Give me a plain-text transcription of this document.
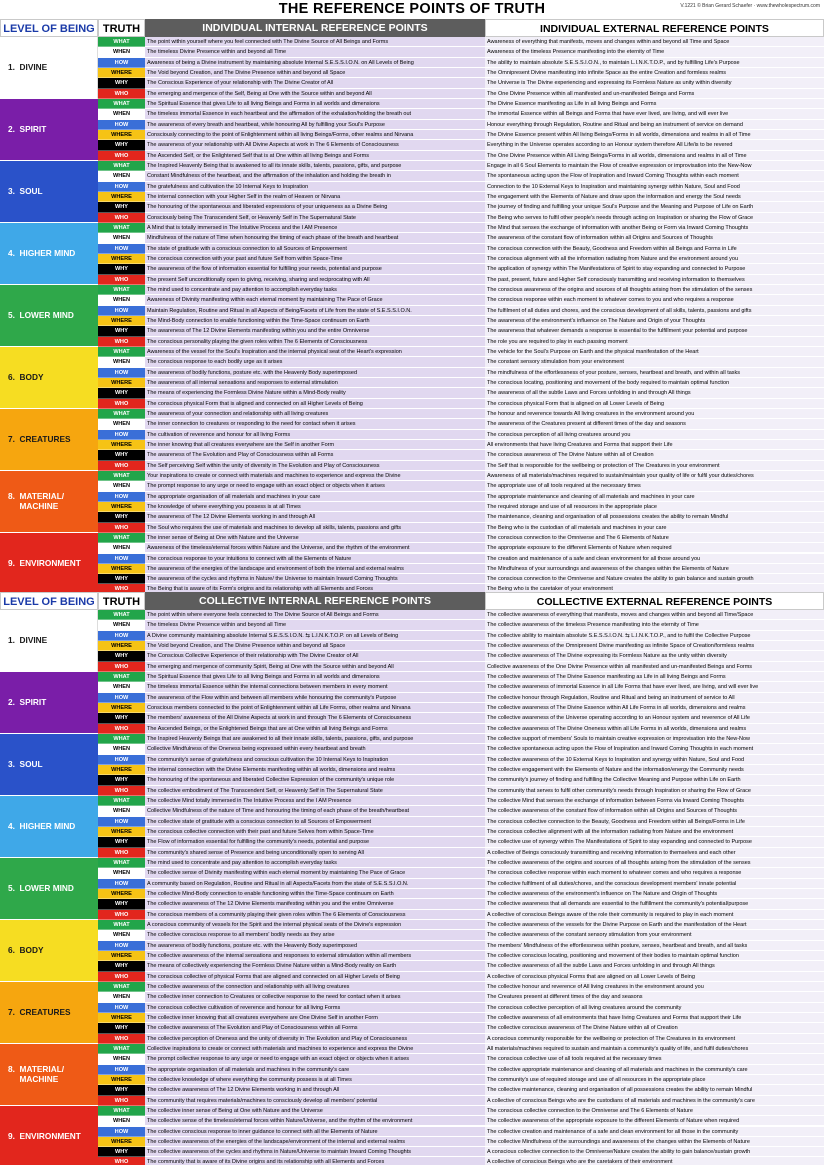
THE REFERENCE POINTS OF TRUTH	V.1221 © Brian Gerard Schaefer · www.thewholespectrum.com
LEVEL OF BEING TRUTH	INDIVIDUAL INTERNAL REFERENCE POINTS	INDIVIDUAL EXTERNAL REFERENCE POINTS
1.  DIVINE
WHAT	The point within yourself where you feel connected with The Divine Source of All Beings and Forms	Awareness of everything that manifests, moves and changes within and beyond all Time and Space
WHEN	The timeless Divine Presence within and beyond all Time	Awareness of the timeless Presence manifesting into the eternity of Time
HOW	Awareness of being a Divine instrument by maintaining absolute Internal S.E.S.S.I.O.N. on All Levels of Being	The ability to maintain absolute S.E.S.S.I.O.N., to maintain L.I.N.K.T.O.P., and by fulfilling Life's Purpose
WHERE	The Void beyond Creation, and The Divine Presence within and beyond all Space	The Omnipresent Divine manifesting into infinite Space as the entire Creation and formless realms
WHY	The Conscious Experience of your relationship with The Divine Creator of All	The Universe is The Divine experiencing and expressing its Formless Nature as unity within diversity
WHO	The emerging and mergence of the Self, Being at One with the Source within and beyond All	The One Divine Presence within all manifested and un-manifested Beings and Forms
2.  SPIRIT
WHAT	The Spiritual Essence that gives Life to all living Beings and Forms in all worlds and dimensions	The Divine Essence manifesting as Life in all living Beings and Forms
WHEN	The timeless immortal Essence in each heartbeat and the affirmation of the exhalation/holding the breath out	The immortal Essence within all Beings and Forms that have ever lived, are living, and will ever live
HOW	The awareness of every breath and heartbeat, while honouring All by fulfilling your Soul's Purpose	Honour everything through Regulation, Routine and Ritual and being an instrument of service on demand
WHERE	Consciously connecting to the point of Enlightenment within all living Beings/Forms, other realms and Nirvana	The Divine Essence present within All living Beings/Forms in all worlds, dimensions and realms in all of Time
WHY	The awareness of your relationship with All Divine Aspects at work in The 6 Elements of Consciousness	Everything in the Universe operates according to an Honour system therefore All Life/is to be revered
WHO	The Ascended Self, or the Enlightened Self that is at One within all living Beings and Forms	The One Divine Presence within All Living Beings/Forms in all worlds, dimensions and realms in all of Time
3.  SOUL
WHAT	The Inspired Heavenly Being that is awakened to all its innate skills, talents, passions, gifts, and purpose	Engage in all 6 Soul Elements to maintain the Flow of creative expression or improvisation into the New-Now
WHEN	Constant Mindfulness of the heartbeat, and the affirmation of the inhalation and holding the breath in	The spontaneous acting upon the Flow of Inspiration and Inward Coming Thoughts within each moment
HOW	The gratefulness and cultivation the 10 Internal Keys to Inspiration	Connection to the 10 External Keys to Inspiration and maintaining synergy within Nature, Soul and Food
WHERE	The internal connection with your Higher Self in the realm of Heaven or Nirvana	The engagement with the Elements of Nature and draw upon the information and energy the Soul needs
WHY	The honouring of the spontaneous and liberated expressions of your uniqueness as a Divine Being	The journey of finding and fulfilling your unique Soul's Purpose and the Meaning and Purpose of Life on Earth
WHO	Consciously being The Transcendent Self, or Heavenly Self in The Supernatural State	The Being who serves to fulfil other people's needs through acting on Inspiration or sharing the Flow of Grace
4.  HIGHER MIND
WHAT	A Mind that is totally immersed in The Intuitive Process and the I AM Presence	The Mind that senses the exchange of information with another Being or Form via Inward Coming Thoughts
WHEN	Mindfulness of the nature of Time when honouring the timing of each phase of the breath and heartbeat	The awareness of the constant flow of information within all Origins and Sources of Thoughts
HOW	The state of gratitude with a conscious connection to all Sources of Empowerment	The conscious connection with the Beauty, Goodness and Freedom within all Beings and Forms in Life
WHERE	The conscious connection with your past and future Self from within Space-Time	The conscious alignment with all the information radiating from Nature and the environment around you
WHY	The awareness of the flow of information essential for fulfilling your needs, potential and purpose	The application of synergy within The Manifestations of Spirit to stay expanding and connected to Purpose
WHO	The present Self unconditionally open to giving, receiving, sharing and reciprocating with All	The past, present, future and Higher Self consciously transmitting and receiving information to themselves
5.  LOWER MIND
WHAT	The mind used to concentrate and pay attention to accomplish everyday tasks	The conscious awareness of the origins and sources of all thoughts arising from the stimulation of the senses
WHEN	Awareness of Divinity manifesting within each eternal moment by maintaining The Pace of Grace	The conscious response within each moment to whatever comes to you and who requires a response
HOW	Maintain Regulation, Routine and Ritual in all Aspects of Being/Facets of Life from the state of S.E.S.S.I.O.N.	The fulfilment of all duties and chores, and the conscious development of all skills, talents, passions and gifts
WHERE	The Mind-Body connection to enable functioning within the Time-Space continuum on Earth	The awareness of the environment's influence on The Nature and Origin of your Thoughts
WHY	The awareness of The 12 Divine Elements manifesting within you and the entire Omniverse	The awareness that whatever demands a response is essential to the fulfillment your potential and purpose
WHO	The conscious personality playing the given roles within The 6 Elements of Consciousness	The role you are required to play in each passing moment
6.  BODY
WHAT	Awareness of the vessel for the Soul's Inspiration and the internal physical seat of the Heart's expression	The vehicle for the Soul's Purpose on Earth and the physical manifestation of the Heart
WHEN	The conscious response to each bodily urge as it arises	The constant sensory stimulation from your environment
HOW	The awareness of bodily functions, posture etc. with the Heavenly Body superimposed	The mindfulness of the effortlessness of your posture, senses, heartbeat and breath, and within all tasks
WHERE	The awareness of all internal sensations and responses to external stimulation	The conscious locating, positioning and movement of the body required to maintain optimal function
WHY	The means of experiencing the Formless Divine Nature within a Mind-Body reality	The awareness of all the subtle Laws and Forces unfolding in and through All things
WHO	The conscious physical Form that is aligned and connected on all Higher Levels of Being	The conscious physical Form that is aligned on all Lower Levels of Being
7.  CREATURES
WHAT	The awareness of your connection and relationship with all living creatures	The honour and reverence towards All living creatures in the environment around you
WHEN	The inner connection to creatures or responding to the need for contact when it arises	The awareness of the Creatures present at different times of the day and seasons
HOW	The cultivation of reverence and honour for all living Forms	The conscious perception of all living creatures around you
WHERE	The inner knowing that all creatures everywhere are the Self in another Form	All environments that have living Creatures and Forms that support their Life
WHY	The awareness of The Evolution and Play of Consciousness within all Forms	The conscious awareness of The Divine Nature within all of Creation
WHO	The Self perceiving Self within the unity of diversity in The Evolution and Play of Consciousness	The Self that is responsible for the wellbeing or protection of The Creatures in your environment
8.  MATERIAL/
MACHINE
WHAT	Your inspirations to create or connect with materials and machines to experience and express the Divine	Awareness of all materials/machines required to sustain/maintain your quality of life or fulfil your duties/chores
WHEN	The prompt response to any urge or need to engage with an exact object or objects when it arises	The appropriate use of all tools required at the necessary times
HOW	The appropriate organisation of all materials and machines in your care	The appropriate maintenance and cleaning of all materials and machines in your care
WHERE	The knowledge of where everything you possess is at all Times	The required storage and use of all resources in the appropriate place
WHY	The awareness of The 12 Divine Elements working in and through All	The maintenance, cleaning and organisation of all possessions creates the ability to remain Mindful
WHO	The Soul who requires the use of materials and machines to develop all skills, talents, passions and gifts	The Being who is the custodian of all materials and machines in your care
9.  ENVIRONMENT
WHAT	The inner sense of Being at One with Nature and the Universe	The conscious connection to the Omniverse and The 6 Elements of Nature
WHEN	Awareness of the timeless/eternal forces within Nature and the Universe, and the rhythm of the environment	The appropriate exposure to the different Elements of Nature when required
HOW	The conscious response to your intuitions to connect with all the Elements of Nature	The creation and maintenance of a safe and clean environment for all those around you
WHERE	The awareness of the energies of the landscape and environment of both the internal and external realms	The Mindfulness of your surroundings and awareness of the changes within the Elements of Nature
WHY	The awareness of the cycles and rhythms in Nature/ the Universe to maintain Inward Coming Thoughts	The conscious connection to the Omniverse and Nature creates the ability to gain balance and sustain growth
WHO	The Being that is aware of its Form's origins and its relationship with all Elements and Forces	The Being who is the caretaker of your environment
LEVEL OF BEING TRUTH	COLLECTIVE INTERNAL REFERENCE POINTS	COLLECTIVE EXTERNAL REFERENCE POINTS
1.  DIVINE
WHAT	The point within where everyone feels connected to The Divine Source of All Beings and Forms	The collective awareness of everything that manifests, moves and changes within and beyond all Time/Space
WHEN	The timeless Divine Presence within and beyond all Time	The collective awareness of the timeless Presence manifesting into the eternity of Time
HOW	A Divine community maintaining absolute Internal S.E.S.S.I.O.N. ⇆ L.I.N.K.T.O.P. on all Levels of Being	The collective ability to maintain absolute S.E.S.S.I.O.N. ⇆ L.I.N.K.T.O.P., and to fulfil the Collective Purpose
WHERE	The Void beyond Creation, and The Divine Presence within and beyond all Space	The collective awareness of the Omnipresent Divine manifesting as infinite Space of Creation/formless realms
WHY	The Conscious Collective Experience of their relationship with The Divine Creator of All	The collective awareness of The Divine expressing its Formless Nature as the unity within diversity
WHO	The emerging and mergence of community Spirit, Being at One with the Source within and beyond All	Collective awareness of the One Divine Presence within all manifested and un-manifested Beings and Forms
2.  SPIRIT
WHAT	The Spiritual Essence that gives Life to all living Beings and Forms in all worlds and dimensions	The collective awareness of The Divine Essence manifesting as Life in all living Beings and Forms
WHEN	The timeless immortal Essence within the internal connections between members in every moment	The collective awareness of immortal Essence in all Life Forms that have ever lived, are living, and will ever live
HOW	The awareness of the Flow within and between all members while honouring the community's Purpose	The collective honour through Regulation, Routine and Ritual and being an instrument of service to All
WHERE	Conscious members connected to the point of Enlightenment within all Life Forms, other realms and Nirvana	The collective awareness of The Divine Essence within All Life Forms in all worlds, dimensions and realms
WHY	The members' awareness of the All Divine Aspects at work in and through The 6 Elements of Consciousness	The collective awareness of the Universe operating according to an Honour system and reverence of All Life
WHO	The Ascended Beings, or the Enlightened Beings that are at One within all living Beings and Forms	The collective awareness of The Divine Oneness within all Life Forms in all worlds, dimensions and realms
3.  SOUL
WHAT	The Inspired Heavenly Beings that are awakened to all their innate skills, talents, passions, gifts, and purpose	The collective support of members' Souls to maintain creative expression or improvisation into the New-Now
WHEN	Collective Mindfulness of the Oneness being expressed within every heartbeat and breath	The collective spontaneous acting upon the Flow of Inspiration and Inward Coming Thoughts in each moment
HOW	The community's sense of gratefulness and conscious cultivation the 10 Internal Keys to Inspiration	The collective awareness of the 10 External Keys to Inspiration and synergy within Nature, Soul and Food
WHERE	The internal connection with the Divine Elements manifesting within all worlds, dimensions and realms	The collective engagement with the Elements of Nature and the information/energy the Community needs
WHY	The honouring of the spontaneous and liberated Collective Expression of the community's unique role	The community's journey of finding and fulfilling the Collective Meaning and Purpose within Life on Earth
WHO	The collective embodiment of The Transcendent Self, or Heavenly Self in The Supernatural State	The community that serves to fulfil other community's needs through Inspiration or sharing the Flow of Grace
4.  HIGHER MIND
WHAT	The collective Mind totally immersed in The Intuitive Process and the I AM Presence	The collective Mind that senses the exchange of information between Forms via Inward Coming Thoughts
WHEN	Collective Mindfulness of the nature of Time and honouring the timing of each phase of the breath/heartbeat	The collective awareness of the constant flow of information within all Origins and Sources of Thoughts
HOW	The collective state of gratitude with a conscious connection to all Sources of Empowerment	The conscious collective connection to the Beauty, Goodness and Freedom within all Beings/Forms in Life
WHERE	The conscious collective connection with their past and future Selves from within Space-Time	The conscious collective alignment with all the information radiating from Nature and the environment
WHY	The Flow of information essential for fulfilling the community's needs, potential and purpose	The collective use of synergy within The Manifestations of Spirit to stay expanding and connected to Purpose
WHO	The community's shared sense of Presence and being unconditionally open to serving All	A collective of Beings consciously transmitting and receiving information to themselves and each other
5.  LOWER MIND
WHAT	The mind used to concentrate and pay attention to accomplish everyday tasks	The collective awareness of the origins and sources of all thoughts arising from the stimulation of the senses
WHEN	The collective sense of Divinity manifesting within each eternal moment by maintaining The Pace of Grace	The conscious collective response within each moment to whatever comes and who requires a response
HOW	A community based on Regulation, Routine and Ritual in all Aspects/Facets from the state of S.E.S.S.I.O.N.	The collective fulfilment of all duties/chores, and the conscious development members' innate potential
WHERE	The collective Mind-Body connection to enable functioning within the Time-Space continuum on Earth	The collective awareness of the environment's influence on The Nature and Origin of Thoughts
WHY	The collective awareness of The 12 Divine Elements manifesting within you and the entire Omniverse	The collective awareness that all demands are essential to the fulfillment the community's potential/purpose
WHO	The conscious members of a community playing their given roles within The 6 Elements of Consciousness	A collective of conscious Beings aware of the role their community is required to play in each moment
6.  BODY
WHAT	A conscious community of vessels for the Spirit and the internal physical seats of the Divine's expression	The collective awareness of the vessels for the Divine Purpose on Earth and the manifestation of the Heart
WHEN	The collective conscious response to all members' bodily needs as they arise	The collective awareness of the constant sensory stimulation from your environment
HOW	The awareness of bodily functions, posture etc. with the Heavenly Body superimposed	The members' Mindfulness of the effortlessness within posture, senses, heartbeat and breath, and all tasks
WHERE	The collective awareness of the internal sensations and responses to external stimulation within all members	The collective conscious locating, positioning and movement of their bodies to maintain optimal function
WHY	The means of collectively experiencing the Formless Divine Nature within a Mind-Body reality on Earth	The collective awareness of all the subtle Laws and Forces unfolding in and through All things
WHO	The conscious collective of physical Forms that are aligned and connected on all Higher Levels of Being	A collective of conscious physical Forms that are aligned on all Lower Levels of Being
7.  CREATURES
WHAT	The collective awareness of the connection and relationship with all living creatures	The collective honour and reverence of All living creatures in the environment around you
WHEN	The collective inner connection to Creatures or collective response to the need for contact when it arises	The Creatures present at different times of the day and seasons
HOW	The conscious collective cultivation of reverence and honour for all living Forms	The conscious collective perception of all living creatures around the community
WHERE	The collective inner knowing that all creatures everywhere are One Divine Self in another Form	The collective awareness of all environments that have living Creatures and Forms that support their Life
WHY	The collective awareness of The Evolution and Play of Consciousness within all Forms	The collective conscious awareness of The Divine Nature within all of Creation
WHO	The collective perception of Oneness and the unity of diversity in The Evolution and Play of Consciousness	A conscious community responsible for the wellbeing or protection of The Creatures in its environment
8.  MATERIAL/
MACHINE
WHAT	Collective inspirations to create or connect with materials and machines to experience and express the Divine	All materials/machines required to sustain and maintain a community's quality of life, and fulfil duties/chores
WHEN	The prompt collective response to any urge or need to engage with an exact object or objects when it arises	The conscious collective use of all tools required at the necessary times
HOW	The appropriate organisation of all materials and machines in the community's care	The collective appropriate maintenance and cleaning of all materials and machines in the community's care
WHERE	The collective knowledge of where everything the community possess is at all Times	The community's use of required storage and use of all resources in the appropriate place
WHY	The collective awareness of The 12 Divine Elements working in and through All	The collective maintenance, cleaning and organisation of all possessions creates the ability to remain Mindful
WHO	The community that requires materials/machines to consciously develop all members' potential	A collective of conscious Beings who are the custodians of all materials and machines in the community's care
9.  ENVIRONMENT
WHAT	The collective inner sense of Being at One with Nature and the Universe	The conscious collective connection to the Omniverse and The 6 Elements of Nature
WHEN	The collective sense of the timeless/eternal forces within Nature/Universe, and the rhythm of the environment	The collective awareness of the appropriate exposure to the different Elements of Nature when required
HOW	The collective conscious response to inner guidance to connect with all the Elements of Nature	The collective creation and maintenance of a safe and clean environment for all those in the community
WHERE	The collective awareness of the energies of the landscape/environment of the internal and external realms	The collective Mindfulness of the surroundings and awareness of the changes within the Elements of Nature
WHY	The collective awareness of the cycles and rhythms in Nature/Universe to maintain Inward Coming Thoughts	A conscious collective connection to the Omniverse/Nature creates the ability to gain balance/sustain growth
WHO	The community that is aware of its Divine origins and its relationship with all Elements and Forces	A collective of conscious Beings who are the caretakers of their environment
